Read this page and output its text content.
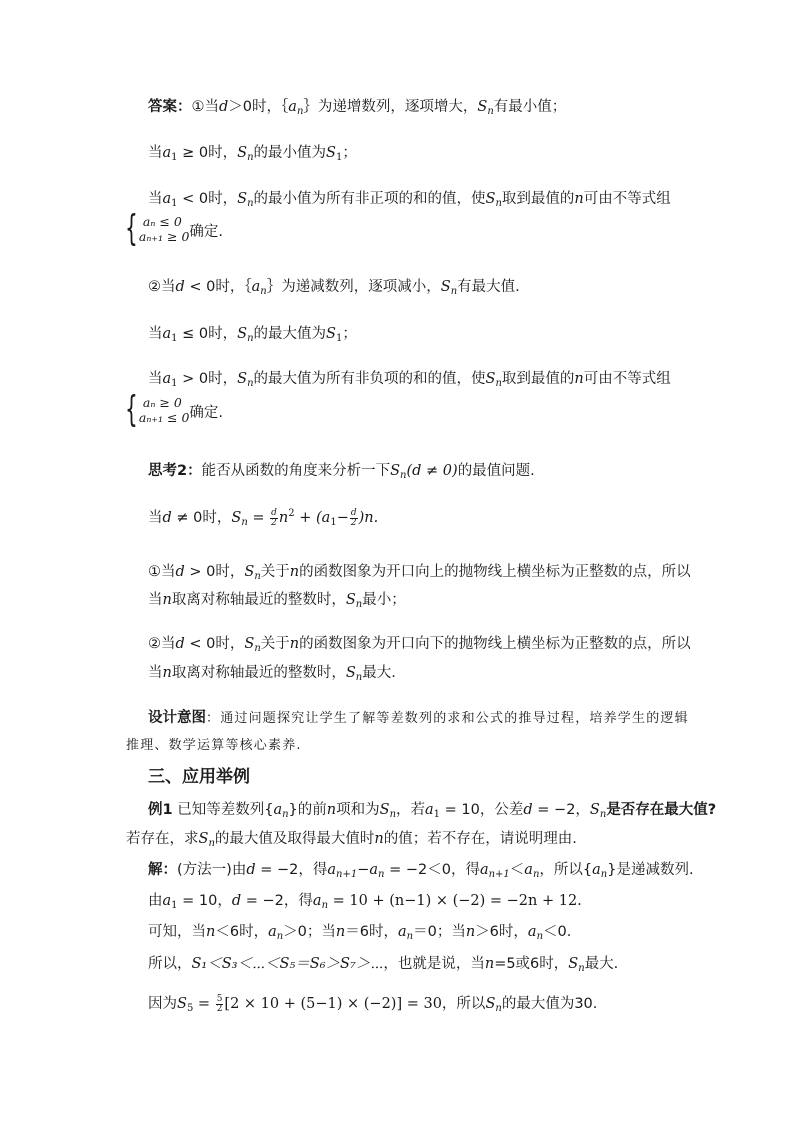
答案：①当d＞0时，$\{a_n\}$为递增数列，逐项增大，$S_n$有最小值；
当$a_1 \ge 0$时，$S_n$的最小值为$S_1$；
当$a_1 < 0$时，$S_n$的最小值为所有非正项的和的值，使$S_n$取到最值的n可由不等式组
{ aₙ ≤ 0
aₙ₊₁ ≥ 0 确定.
②当d < 0时，$\{a_n\}$为递减数列，逐项减小，$S_n$有最大值.
当$a_1 \le 0$时，$S_n$的最大值为$S_1$；
当$a_1 > 0$时，$S_n$的最大值为所有非负项的和的值，使$S_n$取到最值的n可由不等式组
{ aₙ ≥ 0
aₙ₊₁ ≤ 0 确定.
思考2：能否从函数的角度来分析一下$S_n(d \ne 0)$的最值问题.
当d ≠ 0时，$S_n = \frac{d}{2} n^2 + (a_1- \frac{d}{2} )n$.
①当d > 0时，$S_n$关于n的函数图象为开口向上的抛物线上横坐标为正整数的点，所以
当n取离对称轴最近的整数时，$S_n$最小；
②当d < 0时，$S_n$关于n的函数图象为开口向下的抛物线上横坐标为正整数的点，所以
当n取离对称轴最近的整数时，$S_n$最大.
设计意图：通过问题探究让学生了解等差数列的求和公式的推导过程，培养学生的逻辑
推理、数学运算等核心素养.
三、应用举例
例1 已知等差数列$\{a_n\}$的前n项和为$S_n$，若$a_1 = 10$，公差d = −2，$S_n$是否存在最大值?
若存在，求$S_n$的最大值及取得最大值时n的值；若不存在，请说明理由.
解：(方法一)由d = −2，得$a_{n+1}-a_n = -2<0$，得$a_{n+1}<a_n$，所以$\{a_n\}$是递减数列.
由$a_1 = 10$，d = −2，得$a_n = 10 + (n-1) \times (-2) = -2n + 12$.
可知，当n＜6时，$a_n>0$；当n＝6时，$a_n=0$；当n＞6时，$a_n<0$.
所以，S₁＜S₃＜⋯＜S₅＝S₆＞S₇＞⋯，也就是说，当n=5或6时，$S_n$最大.
因为$S_5 = \frac{5}{2} [2 \times 10 + (5-1) \times (-2)] = 30$，所以$S_n$的最大值为30.
